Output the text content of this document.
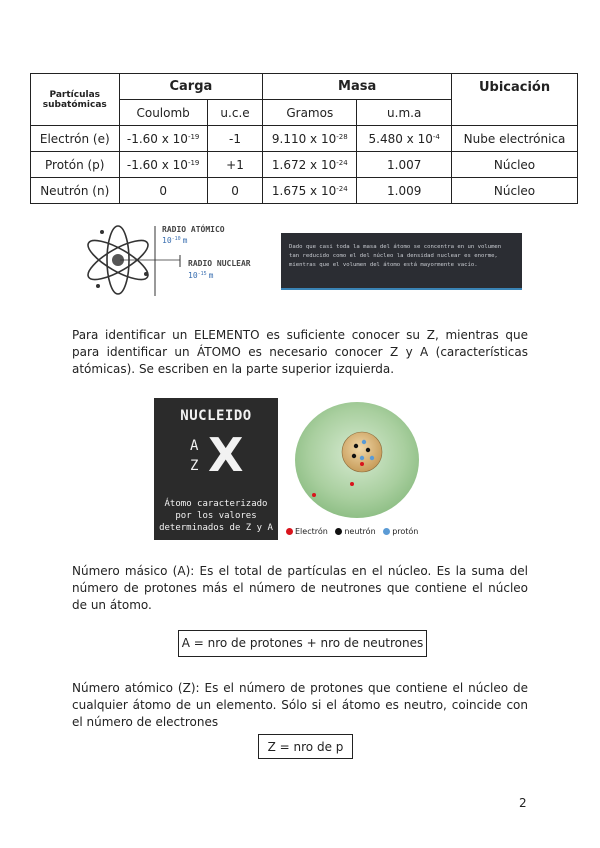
Partículas subatómicas	Carga		Masa		Ubicación
	Coulomb	u.c.e	Gramos	u.m.a	
Electrón (e)	-1.60 x $10^{-19}$	-1	9.110 x $10^{-28}$	5.480 x $10^{-4}$	Nube electrónica
Protón (p)	-1.60 x $10^{-19}$	+1	1.672 x $10^{-24}$	1.007	Núcleo
Neutrón (n)	0	0	1.675 x $10^{-24}$	1.009	Núcleo
RADIO ATÓMICO
$10^{-10}$ m
RADIO NUCLEAR
$10^{-15}$ m
Dado que casi toda la masa del átomo se concentra en un volumen tan reducido como el del núcleo la densidad nuclear es enorme, mientras que el volumen del átomo está mayormente vacío.
Para identificar un ELEMENTO es suficiente conocer su Z, mientras que para identificar un ÁTOMO es necesario conocer Z y A (características atómicas). Se escriben en la parte superior izquierda.
NUCLEIDO
A
Z X
Átomo caracterizado por los valores determinados de Z y A	Electrón
neutrón
protón
Número másico (A): Es el total de partículas en el núcleo. Es la suma del número de protones más el número de neutrones que contiene el núcleo de un átomo.
A = nro de protones + nro de neutrones
Número atómico (Z): Es el número de protones que contiene el núcleo de cualquier átomo de un elemento. Sólo si el átomo es neutro, coincide con el número de electrones
Z = nro de p
2
